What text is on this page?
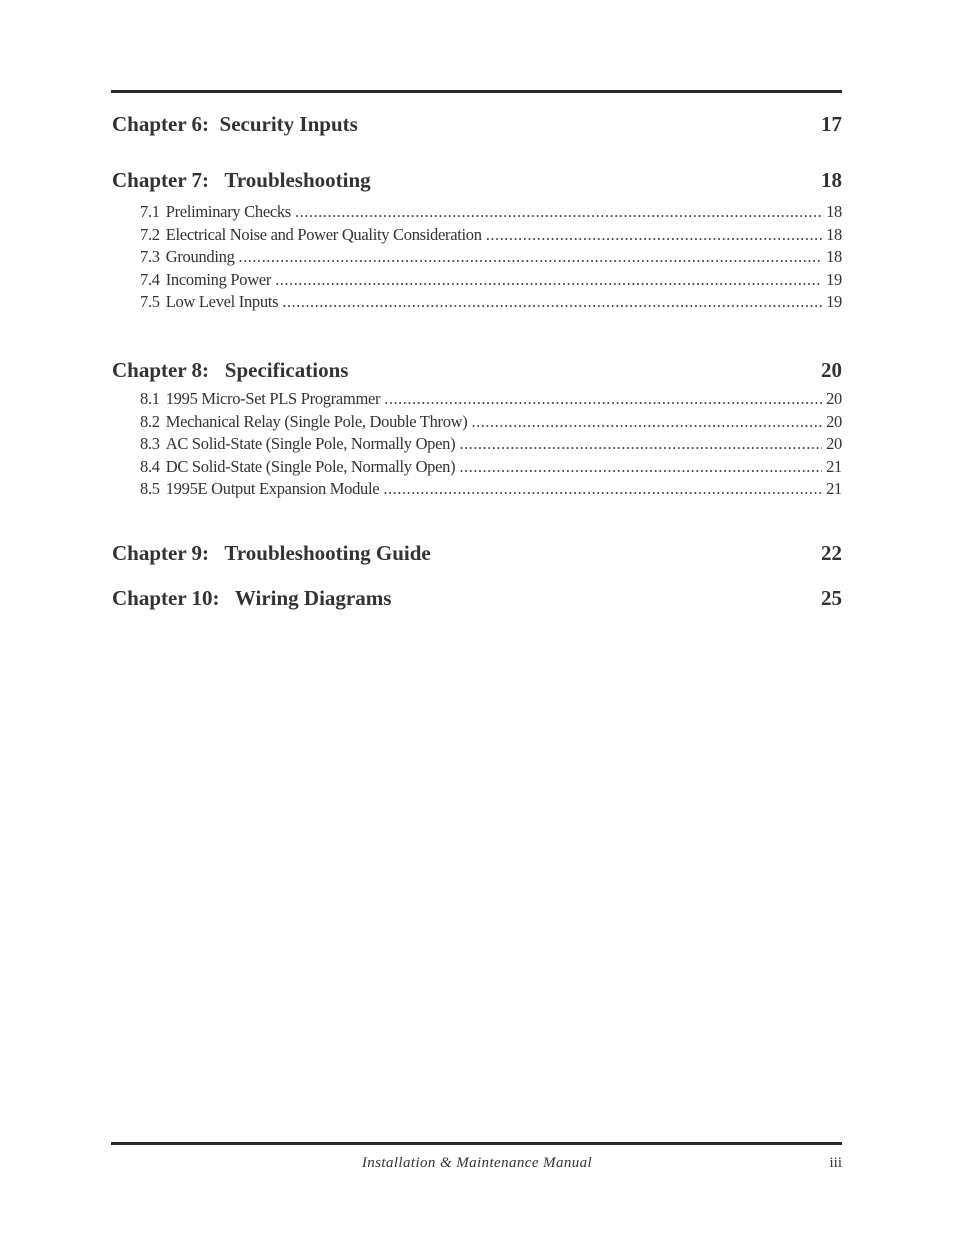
Chapter 6:  Security Inputs	17
Chapter 7:   Troubleshooting	18
7.1 Preliminary Checks .....	18
7.2 Electrical Noise and Power Quality Consideration .....	18
7.3 Grounding .....	18
7.4 Incoming Power .....	19
7.5 Low Level Inputs .....	19
Chapter 8:   Specifications	20
8.1 1995 Micro-Set PLS Programmer .....	20
8.2 Mechanical Relay (Single Pole, Double Throw) .....	20
8.3 AC Solid-State (Single Pole, Normally Open) .....	20
8.4 DC Solid-State (Single Pole, Normally Open) .....	21
8.5 1995E Output Expansion Module .....	21
Chapter 9:   Troubleshooting Guide	22
Chapter 10:   Wiring Diagrams	25
Installation & Maintenance Manual	iii
